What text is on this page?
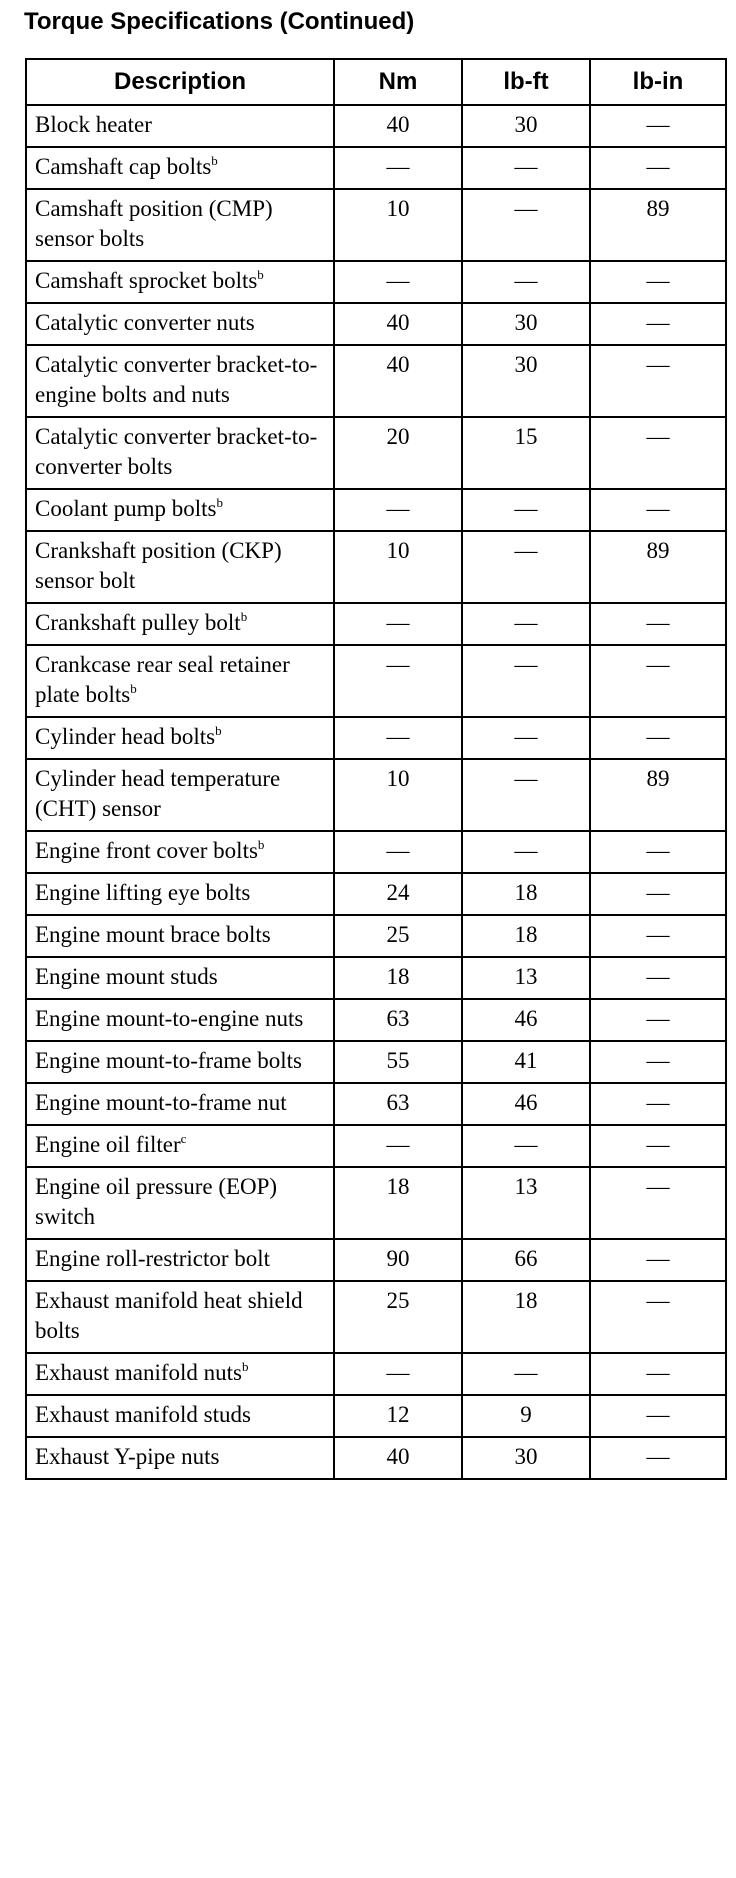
Torque Specifications (Continued)
Description	Nm	lb-ft	lb-in
Block heater	40	30	—
Camshaft cap bolts$^b$	—	—	—
Camshaft position (CMP) sensor bolts	10	—	89
Camshaft sprocket bolts$^b$	—	—	—
Catalytic converter nuts	40	30	—
Catalytic converter bracket-to-engine bolts and nuts	40	30	—
Catalytic converter bracket-to-converter bolts	20	15	—
Coolant pump bolts$^b$	—	—	—
Crankshaft position (CKP) sensor bolt	10	—	89
Crankshaft pulley bolt$^b$	—	—	—
Crankcase rear seal retainer plate bolts$^b$	—	—	—
Cylinder head bolts$^b$	—	—	—
Cylinder head temperature (CHT) sensor	10	—	89
Engine front cover bolts$^b$	—	—	—
Engine lifting eye bolts	24	18	—
Engine mount brace bolts	25	18	—
Engine mount studs	18	13	—
Engine mount-to-engine nuts	63	46	—
Engine mount-to-frame bolts	55	41	—
Engine mount-to-frame nut	63	46	—
Engine oil filter$^c$	—	—	—
Engine oil pressure (EOP) switch	18	13	—
Engine roll-restrictor bolt	90	66	—
Exhaust manifold heat shield bolts	25	18	—
Exhaust manifold nuts$^b$	—	—	—
Exhaust manifold studs	12	9	—
Exhaust Y-pipe nuts	40	30	—
